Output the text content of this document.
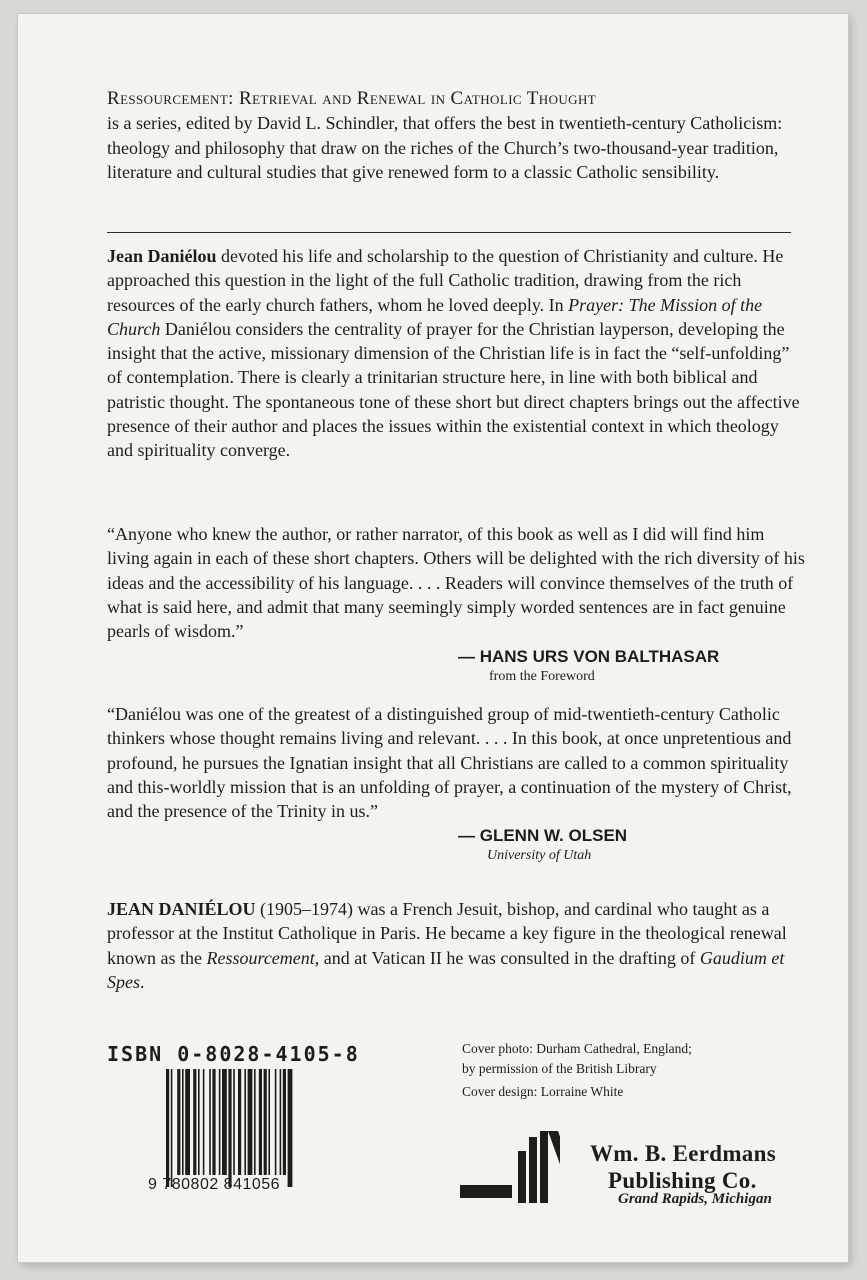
Ressourcement: Retrieval and Renewal in Catholic Thought
is a series, edited by David L. Schindler, that offers the best in twentieth-century Catholicism: theology and philosophy that draw on the riches of the Church’s two-thousand-year tradition, literature and cultural studies that give renewed form to a classic Catholic sensibility.

Jean Daniélou devoted his life and scholarship to the question of Christianity and culture. He approached this question in the light of the full Catholic tradition, drawing from the rich resources of the early church fathers, whom he loved deeply. In Prayer: The Mission of the Church Daniélou considers the centrality of prayer for the Christian layperson, developing the insight that the active, missionary dimension of the Christian life is in fact the “self-unfolding” of contemplation. There is clearly a trinitarian structure here, in line with both biblical and patristic thought. The spontaneous tone of these short but direct chapters brings out the affective presence of their author and places the issues within the existential context in which theology and spirituality converge.

“Anyone who knew the author, or rather narrator, of this book as well as I did will find him living again in each of these short chapters. Others will be delighted with the rich diversity of his ideas and the accessibility of his language. . . . Readers will convince themselves of the truth of what is said here, and admit that many seemingly simply worded sentences are in fact genuine pearls of wisdom.”

— HANS URS VON BALTHASAR
from the Foreword

“Daniélou was one of the greatest of a distinguished group of mid-twentieth-century Catholic thinkers whose thought remains living and relevant. . . . In this book, at once unpretentious and profound, he pursues the Ignatian insight that all Christians are called to a common spirituality and this-worldly mission that is an unfolding of prayer, a continuation of the mystery of Christ, and the presence of the Trinity in us.”

— GLENN W. OLSEN
University of Utah

JEAN DANIÉLOU (1905–1974) was a French Jesuit, bishop, and cardinal who taught as a professor at the Institut Catholique in Paris. He became a key figure in the theological renewal known as the Ressourcement, and at Vatican II he was consulted in the drafting of Gaudium et Spes.

ISBN 0-8028-4105-8
9 780802 841056
Cover photo: Durham Cathedral, England;
by permission of the British Library
Cover design: Lorraine White
Wm. B. Eerdmans
Publishing Co.
Grand Rapids, Michigan
